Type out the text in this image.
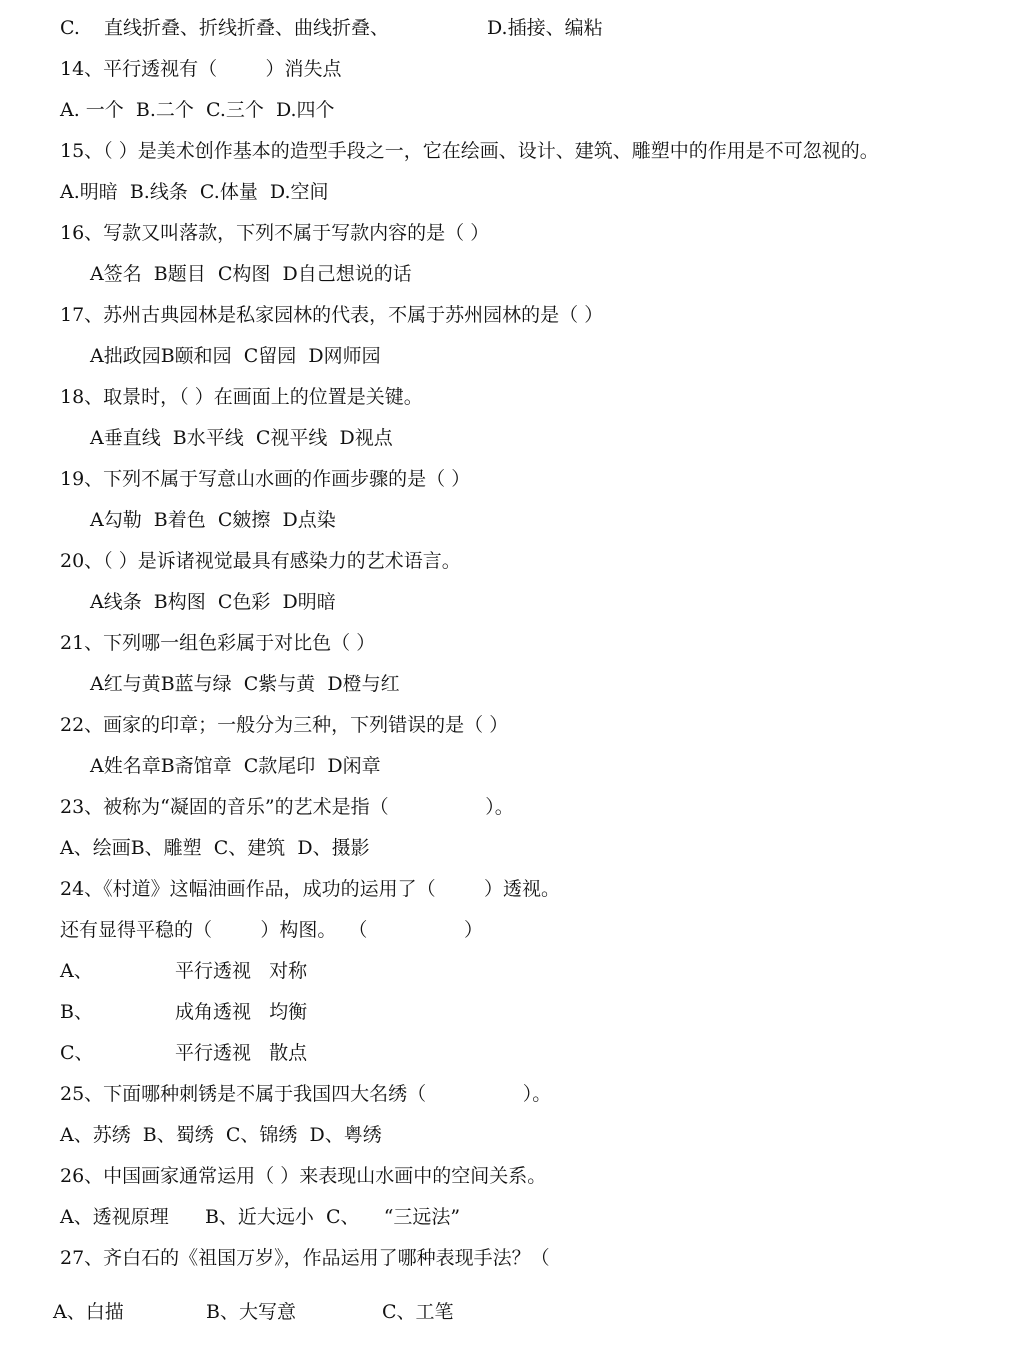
C.    直线折叠、折线折叠、曲线折叠、	D.插接、编粘
14、平行透视有（        ）消失点
A. 一个  B.二个  C.三个  D.四个
15、（ ）是美术创作基本的造型手段之一，它在绘画、设计、建筑、雕塑中的作用是不可忽视的。
A.明暗  B.线条  C.体量  D.空间
16、写款又叫落款，下列不属于写款内容的是（ ）
A签名  B题目  C构图  D自己想说的话
17、苏州古典园林是私家园林的代表，不属于苏州园林的是（ ）
A拙政园B颐和园  C留园  D网师园
18、取景时，（ ）在画面上的位置是关键。
A垂直线  B水平线  C视平线  D视点
19、下列不属于写意山水画的作画步骤的是（ ）
A勾勒  B着色  C皴擦  D点染
20、（ ）是诉诸视觉最具有感染力的艺术语言。
A线条  B构图  C色彩  D明暗
21、下列哪一组色彩属于对比色（ ）
A红与黄B蓝与绿  C紫与黄  D橙与红
22、画家的印章；一般分为三种，下列错误的是（ ）
A姓名章B斋馆章  C款尾印  D闲章
23、被称为“凝固的音乐”的艺术是指（                ）。
A、绘画B、雕塑  C、建筑  D、摄影
24、《村道》这幅油画作品，成功的运用了（        ）透视。
还有显得平稳的（        ）构图。  （                ）
A、	平行透视   对称
B、	成角透视   均衡
C、	平行透视   散点
25、下面哪种刺锈是不属于我国四大名绣（                ）。
A、苏绣  B、蜀绣  C、锦绣  D、粤绣
26、中国画家通常运用（ ）来表现山水画中的空间关系。
A、透视原理      B、近大远小  C、    “三远法”
27、齐白石的《祖国万岁》，作品运用了哪种表现手法？（
A、白描	B、大写意	C、工笔
